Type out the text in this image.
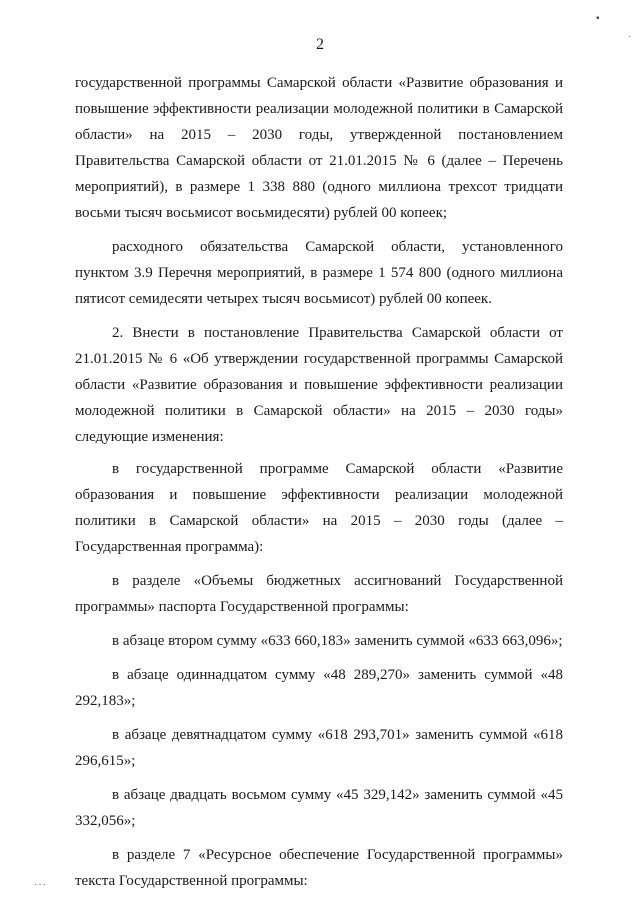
▪
˙
2

государственной программы Самарской области «Развитие образования и повышение эффективности реализации молодежной политики в Самарской области» на 2015 – 2030 годы, утвержденной постановлением Правительства Самарской области от 21.01.2015 № 6 (далее – Перечень мероприятий), в размере 1 338 880 (одного миллиона трехсот тридцати восьми тысяч восьмисот восьмидесяти) рублей 00 копеек;

расходного обязательства Самарской области, установленного пунктом 3.9 Перечня мероприятий, в размере 1 574 800 (одного миллиона пятисот семидесяти четырех тысяч восьмисот) рублей 00 копеек.

2. Внести в постановление Правительства Самарской области от 21.01.2015 № 6 «Об утверждении государственной программы Самарской области «Развитие образования и повышение эффективности реализации молодежной политики в Самарской области» на 2015 – 2030 годы» следующие изменения:

в государственной программе Самарской области «Развитие образования и повышение эффективности реализации молодежной политики в Самарской области» на 2015 – 2030 годы (далее – Государственная программа):

в разделе «Объемы бюджетных ассигнований Государственной программы» паспорта Государственной программы:

в абзаце втором сумму «633 660,183» заменить суммой «633 663,096»;

в абзаце одиннадцатом сумму «48 289,270» заменить суммой «48 292,183»;

в абзаце девятнадцатом сумму «618 293,701» заменить суммой «618 296,615»;

в абзаце двадцать восьмом сумму «45 329,142» заменить суммой «45 332,056»;

в разделе 7 «Ресурсное обеспечение Государственной программы» текста Государственной программы:

˙˙˙
